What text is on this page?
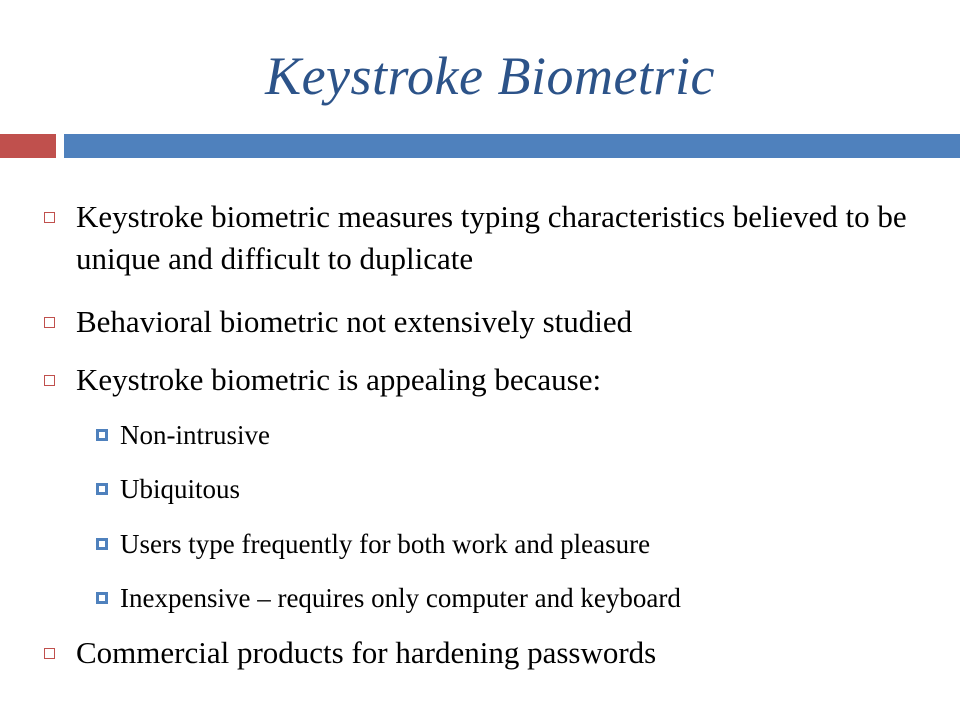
Keystroke Biometric
Keystroke biometric measures typing characteristics believed to be unique and difficult to duplicate
Behavioral biometric not extensively studied
Keystroke biometric is appealing because:
Non-intrusive
Ubiquitous
Users type frequently for both work and pleasure
Inexpensive – requires only computer and keyboard
Commercial products for hardening passwords
